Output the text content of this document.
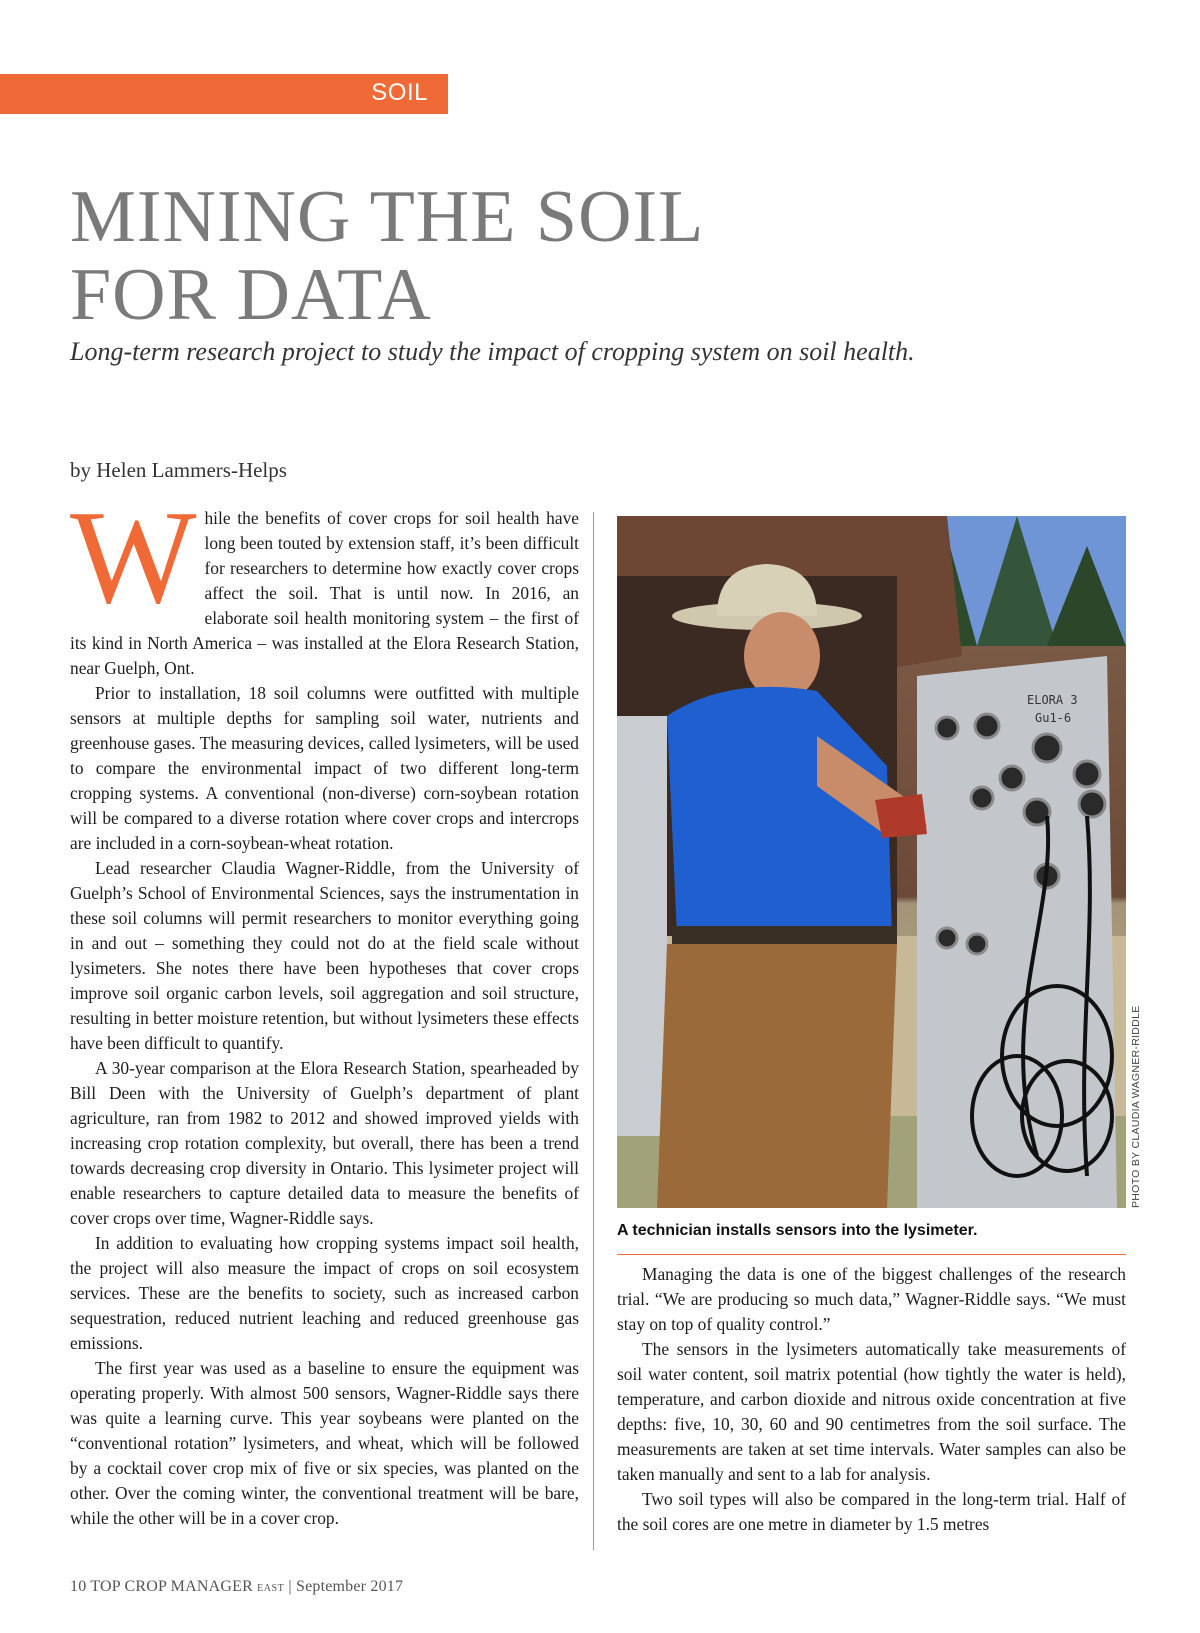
SOIL
MINING THE SOIL
FOR DATA

Long-term research project to study the impact of cropping system on soil health.

by Helen Lammers-Helps

While the benefits of cover crops for soil health have long been touted by extension staff, it’s been difficult for researchers to determine how exactly cover crops affect the soil. That is until now. In 2016, an elaborate soil health monitoring system – the first of its kind in North America – was installed at the Elora Research Station, near Guelph, Ont.

Prior to installation, 18 soil columns were outfitted with multiple sensors at multiple depths for sampling soil water, nutrients and greenhouse gases. The measuring devices, called lysimeters, will be used to compare the environmental impact of two different long-term cropping systems. A conventional (non-diverse) corn-soybean rotation will be compared to a diverse rotation where cover crops and intercrops are included in a corn-soybean-wheat rotation.

Lead researcher Claudia Wagner-Riddle, from the University of Guelph’s School of Environmental Sciences, says the instrumentation in these soil columns will permit researchers to monitor everything going in and out – something they could not do at the field scale without lysimeters. She notes there have been hypotheses that cover crops improve soil organic carbon levels, soil aggregation and soil structure, resulting in better moisture retention, but without lysimeters these effects have been difficult to quantify.

A 30-year comparison at the Elora Research Station, spearheaded by Bill Deen with the University of Guelph’s department of plant agriculture, ran from 1982 to 2012 and showed improved yields with increasing crop rotation complexity, but overall, there has been a trend towards decreasing crop diversity in Ontario. This lysimeter project will enable researchers to capture detailed data to measure the benefits of cover crops over time, Wagner-Riddle says.

In addition to evaluating how cropping systems impact soil health, the project will also measure the impact of crops on soil ecosystem services. These are the benefits to society, such as increased carbon sequestration, reduced nutrient leaching and reduced greenhouse gas emissions.

The first year was used as a baseline to ensure the equipment was operating properly. With almost 500 sensors, Wagner-Riddle says there was quite a learning curve. This year soybeans were planted on the “conventional rotation” lysimeters, and wheat, which will be followed by a cocktail cover crop mix of five or six species, was planted on the other. Over the coming winter, the conventional treatment will be bare, while the other will be in a cover crop.

ELORA 3
Gu1-6
PHOTO BY CLAUDIA WAGNER-RIDDLE

A technician installs sensors into the lysimeter.

Managing the data is one of the biggest challenges of the research trial. “We are producing so much data,” Wagner-Riddle says. “We must stay on top of quality control.”

The sensors in the lysimeters automatically take measurements of soil water content, soil matrix potential (how tightly the water is held), temperature, and carbon dioxide and nitrous oxide concentration at five depths: five, 10, 30, 60 and 90 centimetres from the soil surface. The measurements are taken at set time intervals. Water samples can also be taken manually and sent to a lab for analysis.

Two soil types will also be compared in the long-term trial. Half of the soil cores are one metre in diameter by 1.5 metres

10 TOP CROP MANAGER EAST | September 2017
